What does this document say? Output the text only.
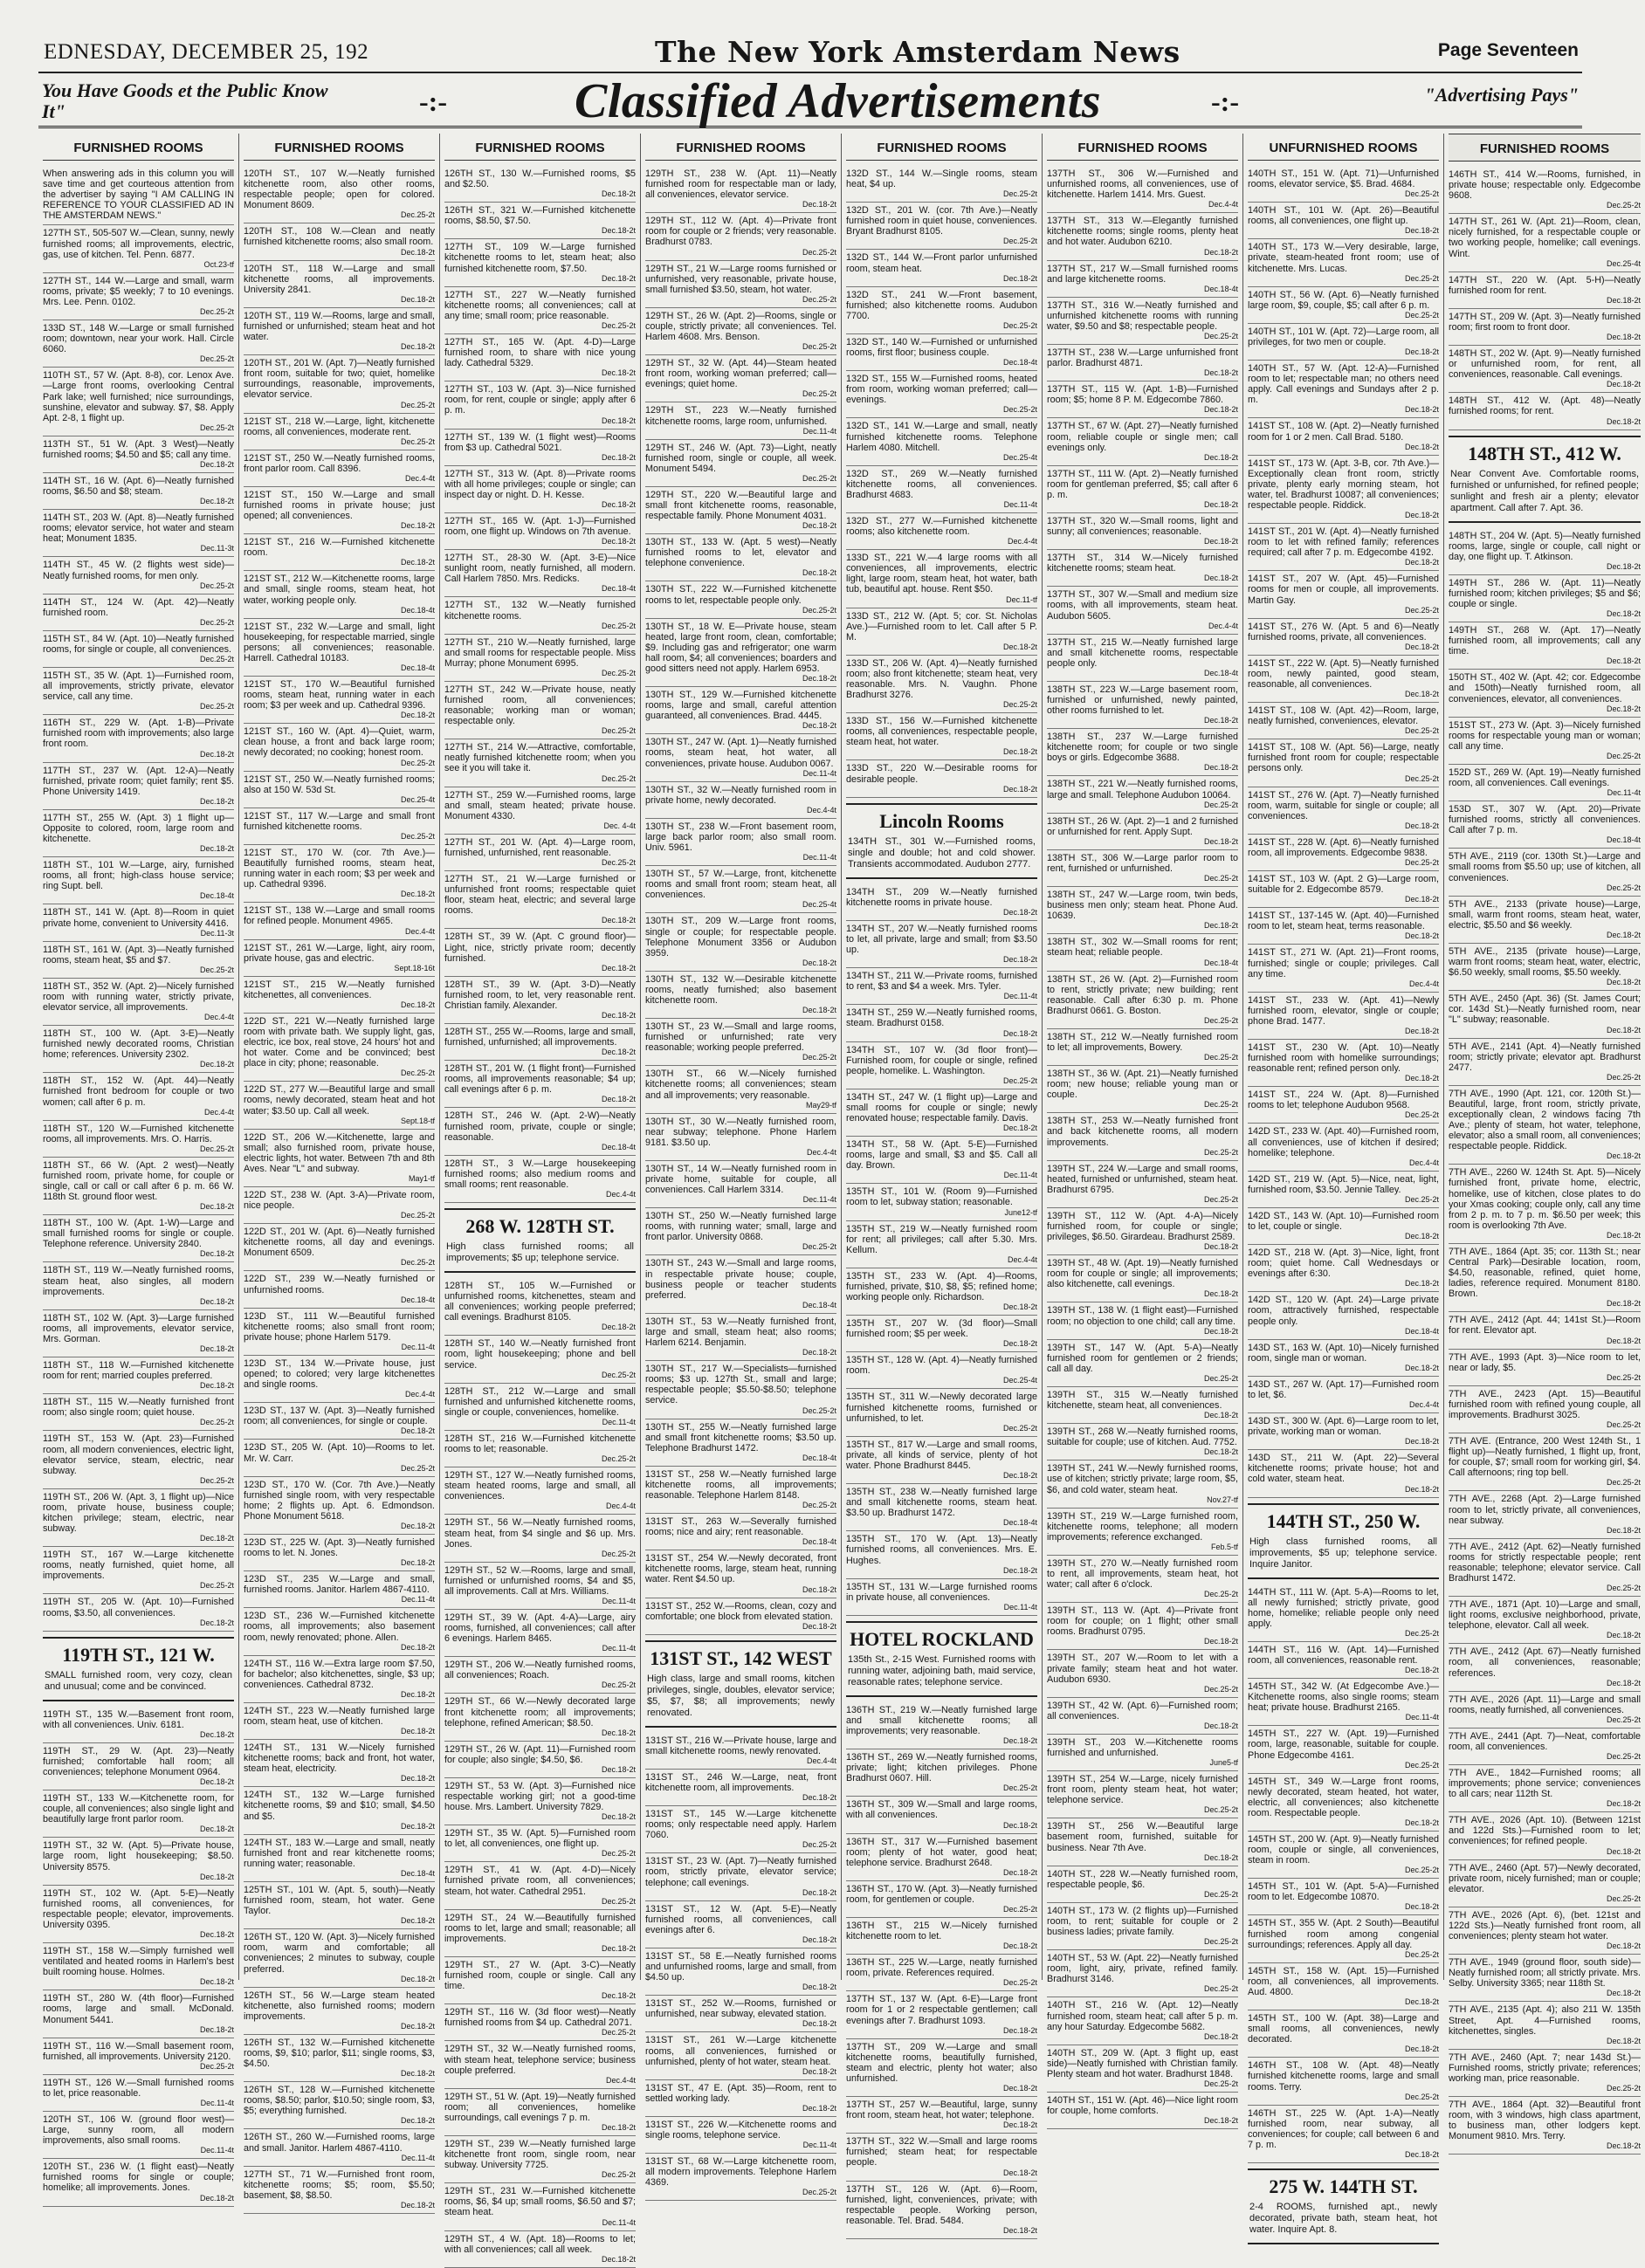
EDNESDAY, DECEMBER 25, 192	The New York Amsterdam News	Page Seventeen
You Have Goods et the Public Know It"	-:-	Classified Advertisements	-:-	"Advertising Pays"
FURNISHED ROOMS

When answering ads in this column you will save time and get courteous attention from the advertiser by saying "I AM CALLING IN REFERENCE TO YOUR CLASSIFIED AD IN THE AMSTERDAM NEWS."

127TH ST., 505-507 W.—Clean, sunny, newly furnished rooms; all improvements, electric, gas, use of kitchen. Tel. Penn. 6877.
Oct.23-tf

127TH ST., 144 W.—Large and small, warm rooms, private; $5 weekly; 7 to 10 evenings. Mrs. Lee. Penn. 0102.
Dec.25-2t

133D ST., 148 W.—Large or small furnished room; downtown, near your work. Hall. Circle 6060.
Dec.25-2t

110TH ST., 57 W. (Apt. 8-8), cor. Lenox Ave.—Large front rooms, overlooking Central Park lake; well furnished; nice surroundings, sunshine, elevator and subway. $7, $8. Apply Apt. 2-8, 1 flight up.
Dec.25-2t

113TH ST., 51 W. (Apt. 3 West)—Neatly furnished rooms; $4.50 and $5; call any time.
Dec.18-2t

114TH ST., 16 W. (Apt. 6)—Neatly furnished rooms, $6.50 and $8; steam.
Dec.18-2t

114TH ST., 203 W. (Apt. 8)—Neatly furnished rooms; elevator service, hot water and steam heat; Monument 1835.
Dec.11-3t

114TH ST., 45 W. (2 flights west side)—Neatly furnished rooms, for men only.
Dec.25-2t

114TH ST., 124 W. (Apt. 42)—Neatly furnished room.
Dec.25-2t

115TH ST., 84 W. (Apt. 10)—Neatly furnished rooms, for single or couple, all conveniences.
Dec.25-2t

115TH ST., 35 W. (Apt. 1)—Furnished room, all improvements, strictly private, elevator service, call any time.
Dec.25-2t

116TH ST., 229 W. (Apt. 1-B)—Private furnished room with improvements; also large front room.
Dec.18-2t

117TH ST., 237 W. (Apt. 12-A)—Neatly furnished, private room; quiet family; rent $5. Phone University 1419.
Dec.18-2t

117TH ST., 255 W. (Apt. 3) 1 flight up—Opposite to colored, room, large room and kitchenette.
Dec.18-2t

118TH ST., 101 W.—Large, airy, furnished rooms, all front; high-class house service; ring Supt. bell.
Dec.18-4t

118TH ST., 141 W. (Apt. 8)—Room in quiet private home, convenient to University 4416.
Dec.11-3t

118TH ST., 161 W. (Apt. 3)—Neatly furnished rooms, steam heat, $5 and $7.
Dec.25-2t

118TH ST., 352 W. (Apt. 2)—Nicely furnished room with running water, strictly private, elevator service, all improvements.
Dec.4-4t

118TH ST., 100 W. (Apt. 3-E)—Neatly furnished newly decorated rooms, Christian home; references. University 2302.
Dec.18-2t

118TH ST., 152 W. (Apt. 44)—Neatly furnished front bedroom for couple or two women; call after 6 p. m.
Dec.4-4t

118TH ST., 120 W.—Furnished kitchenette rooms, all improvements. Mrs. O. Harris.
Dec.25-2t

118TH ST., 66 W. (Apt. 2 west)—Neatly furnished room, private home, for couple or single, call or call or call after 6 p. m. 66 W. 118th St. ground floor west.
Dec.18-2t

118TH ST., 100 W. (Apt. 1-W)—Large and small furnished rooms for single or couple. Telephone reference. University 2840.
Dec.18-2t

118TH ST., 119 W.—Neatly furnished rooms, steam heat, also singles, all modern improvements.
Dec.18-2t

118TH ST., 102 W. (Apt. 3)—Large furnished rooms, all improvements, elevator service, Mrs. Gorman.
Dec.18-2t

118TH ST., 118 W.—Furnished kitchenette room for rent; married couples preferred.
Dec.18-2t

118TH ST., 115 W.—Neatly furnished front room; also single room; quiet house.
Dec.25-2t

119TH ST., 153 W. (Apt. 23)—Furnished room, all modern conveniences, electric light, elevator service, steam, electric, near subway.
Dec.25-2t

119TH ST., 206 W. (Apt. 3, 1 flight up)—Nice room, private house, business couple; kitchen privilege; steam, electric, near subway.
Dec.18-2t

119TH ST., 167 W.—Large kitchenette rooms, neatly furnished, quiet home, all improvements.
Dec.25-2t

119TH ST., 205 W. (Apt. 10)—Furnished rooms, $3.50, all conveniences.
Dec.18-2t

119TH ST., 121 W.
SMALL furnished room, very cozy, clean and unusual; come and be convinced.

119TH ST., 135 W.—Basement front room, with all conveniences. Univ. 6181.
Dec.18-2t

119TH ST., 29 W. (Apt. 23)—Neatly furnished; comfortable hall room; all conveniences; telephone Monument 0964.
Dec.18-2t

119TH ST., 133 W.—Kitchenette room, for couple, all conveniences; also single light and beautifully large front parlor room.
Dec.18-2t

119TH ST., 32 W. (Apt. 5)—Private house, large room, light housekeeping; $8.50. University 8575.
Dec.18-2t

119TH ST., 102 W. (Apt. 5-E)—Neatly furnished rooms, all conveniences, for respectable people; elevator, improvements. University 0395.
Dec.18-2t

119TH ST., 158 W.—Simply furnished well ventilated and heated rooms in Harlem's best built rooming house. Holmes.
Dec.18-2t

119TH ST., 280 W. (4th floor)—Furnished rooms, large and small. McDonald. Monument 5441.
Dec.18-2t

119TH ST., 116 W.—Small basement room, furnished, all improvements. University 2120.
Dec.25-2t

119TH ST., 126 W.—Small furnished rooms to let, price reasonable.
Dec.11-4t

120TH ST., 106 W. (ground floor west)—Large, sunny room, all modern improvements, also small rooms.
Dec.11-4t

120TH ST., 236 W. (1 flight east)—Neatly furnished rooms for single or couple; homelike; all improvements. Jones.
Dec.18-2t

FURNISHED ROOMS

120TH ST., 107 W.—Neatly furnished kitchenette room, also other rooms, respectable people; open for colored. Monument 8609.
Dec.25-2t

120TH ST., 108 W.—Clean and neatly furnished kitchenette rooms; also small room.
Dec.18-2t

120TH ST., 118 W.—Large and small kitchenette rooms, all improvements. University 2841.
Dec.18-2t

120TH ST., 119 W.—Rooms, large and small, furnished or unfurnished; steam heat and hot water.
Dec.18-2t

120TH ST., 201 W. (Apt. 7)—Neatly furnished front room, suitable for two; quiet, homelike surroundings, reasonable, improvements, elevator service.
Dec.25-2t

121ST ST., 218 W.—Large, light, kitchenette rooms, all conveniences, moderate rent.
Dec.25-2t

121ST ST., 250 W.—Neatly furnished rooms, front parlor room. Call 8396.
Dec.4-4t

121ST ST., 150 W.—Large and small furnished rooms in private house; just opened; all conveniences.
Dec.18-2t

121ST ST., 216 W.—Furnished kitchenette room.
Dec.18-2t

121ST ST., 212 W.—Kitchenette rooms, large and small, single rooms, steam heat, hot water, working people only.
Dec.18-4t

121ST ST., 232 W.—Large and small, light housekeeping, for respectable married, single persons; all conveniences; reasonable. Harrell. Cathedral 10183.
Dec.18-4t

121ST ST., 170 W.—Beautiful furnished rooms, steam heat, running water in each room; $3 per week and up. Cathedral 9396.
Dec.18-2t

121ST ST., 160 W. (Apt. 4)—Quiet, warm, clean house, a front and back large room; newly decorated; no cooking; honest room.
Dec.25-2t

121ST ST., 250 W.—Neatly furnished rooms; also at 150 W. 53d St.
Dec.25-4t

121ST ST., 117 W.—Large and small front furnished kitchenette rooms.
Dec.25-2t

121ST ST., 170 W. (cor. 7th Ave.)—Beautifully furnished rooms, steam heat, running water in each room; $3 per week and up. Cathedral 9396.
Dec.18-2t

121ST ST., 138 W.—Large and small rooms for refined people. Monument 4965.
Dec.4-4t

121ST ST., 261 W.—Large, light, airy room, private house, gas and electric.
Sept.18-16t

121ST ST., 215 W.—Neatly furnished kitchenettes, all conveniences.
Dec.18-2t

122D ST., 221 W.—Neatly furnished large room with private bath. We supply light, gas, electric, ice box, real stove, 24 hours' hot and hot water. Come and be convinced; best place in city; phone; reasonable.
Dec.25-2t

122D ST., 277 W.—Beautiful large and small rooms, newly decorated, steam heat and hot water; $3.50 up. Call all week.
Sept.18-tf

122D ST., 206 W.—Kitchenette, large and small; also furnished room, private house, electric lights, hot water. Between 7th and 8th Aves. Near "L" and subway.
May1-tf

122D ST., 238 W. (Apt. 3-A)—Private room, nice people.
Dec.25-2t

122D ST., 201 W. (Apt. 6)—Neatly furnished kitchenette rooms, all day and evenings. Monument 6509.
Dec.25-2t

122D ST., 239 W.—Neatly furnished or unfurnished rooms.
Dec.18-4t

123D ST., 111 W.—Beautiful furnished kitchenette rooms; also small front room; private house; phone Harlem 5179.
Dec.11-4t

123D ST., 134 W.—Private house, just opened; to colored; very large kitchenettes and single rooms.
Dec.4-4t

123D ST., 137 W. (Apt. 3)—Neatly furnished room; all conveniences, for single or couple.
Dec.18-2t

123D ST., 205 W. (Apt. 10)—Rooms to let. Mr. W. Carr.
Dec.25-2t

123D ST., 170 W. (Cor. 7th Ave.)—Neatly furnished single room, with very respectable home; 2 flights up. Apt. 6. Edmondson. Phone Monument 5618.
Dec.18-2t

123D ST., 225 W. (Apt. 3)—Neatly furnished rooms to let. N. Jones.
Dec.18-2t

123D ST., 235 W.—Large and small, furnished rooms. Janitor. Harlem 4867-4110.
Dec.11-4t

123D ST., 236 W.—Furnished kitchenette rooms, all improvements; also basement room, newly renovated; phone. Allen.
Dec.18-2t

124TH ST., 116 W.—Extra large room $7.50, for bachelor; also kitchenettes, single, $3 up; conveniences. Cathedral 8732.
Dec.18-2t

124TH ST., 223 W.—Neatly furnished large room, steam heat, use of kitchen.
Dec.18-2t

124TH ST., 131 W.—Nicely furnished kitchenette rooms; back and front, hot water, steam heat, electricity.
Dec.18-2t

124TH ST., 132 W.—Large furnished kitchenette rooms, $9 and $10; small, $4.50 and $5.
Dec.18-2t

124TH ST., 183 W.—Large and small, neatly furnished front and rear kitchenette rooms; running water; reasonable.
Dec.18-4t

125TH ST., 101 W. (Apt. 5, south)—Neatly furnished room, steam, hot water. Gene Taylor.
Dec.18-2t

126TH ST., 120 W. (Apt. 3)—Nicely furnished room, warm and comfortable; all conveniences; 2 minutes to subway, couple preferred.
Dec.18-2t

126TH ST., 56 W.—Large steam heated kitchenette, also furnished rooms; modern improvements.
Dec.18-2t

126TH ST., 132 W.—Furnished kitchenette rooms, $9, $10; parlor, $11; single rooms, $3, $4.50.
Dec.18-2t

126TH ST., 128 W.—Furnished kitchenette rooms, $8.50; parlor, $10.50; single room, $3, $5; everything furnished.
Dec.18-2t

126TH ST., 260 W.—Furnished rooms, large and small. Janitor. Harlem 4867-4110.
Dec.11-4t

127TH ST., 71 W.—Furnished front room, kitchenette rooms; $5; room, $5.50; basement, $8, $8.50.
Dec.18-2t

FURNISHED ROOMS

126TH ST., 130 W.—Furnished rooms, $5 and $2.50.
Dec.18-2t

126TH ST., 321 W.—Furnished kitchenette rooms, $8.50, $7.50.
Dec.18-2t

127TH ST., 109 W.—Large furnished kitchenette rooms to let, steam heat; also furnished kitchenette room, $7.50.
Dec.18-2t

127TH ST., 227 W.—Neatly furnished kitchenette rooms; all conveniences; call at any time; small room; price reasonable.
Dec.25-2t

127TH ST., 165 W. (Apt. 4-D)—Large furnished room, to share with nice young lady. Cathedral 5329.
Dec.18-2t

127TH ST., 103 W. (Apt. 3)—Nice furnished room, for rent, couple or single; apply after 6 p. m.
Dec.18-2t

127TH ST., 139 W. (1 flight west)—Rooms from $3 up. Cathedral 5021.
Dec.18-2t

127TH ST., 313 W. (Apt. 8)—Private rooms with all home privileges; couple or single; can inspect day or night. D. H. Kesse.
Dec.18-2t

127TH ST., 165 W. (Apt. 1-J)—Furnished room, one flight up. Windows on 7th avenue.
Dec.18-2t

127TH ST., 28-30 W. (Apt. 3-E)—Nice sunlight room, neatly furnished, all modern. Call Harlem 7850. Mrs. Redicks.
Dec.18-4t

127TH ST., 132 W.—Neatly furnished kitchenette rooms.
Dec.25-2t

127TH ST., 210 W.—Neatly furnished, large and small rooms for respectable people. Miss Murray; phone Monument 6995.
Dec.25-2t

127TH ST., 242 W.—Private house, neatly furnished room, all conveniences; reasonable; working man or woman; respectable only.
Dec.25-2t

127TH ST., 214 W.—Attractive, comfortable, neatly furnished kitchenette room; when you see it you will take it.
Dec.25-2t

127TH ST., 259 W.—Furnished rooms, large and small, steam heated; private house. Monument 4330.
Dec. 4-4t

127TH ST., 201 W. (Apt. 4)—Large room, furnished, unfurnished, rent reasonable.
Dec.25-2t

127TH ST., 21 W.—Large furnished or unfurnished front rooms; respectable quiet floor, steam heat, electric; and several large rooms.
Dec.18-2t

128TH ST., 39 W. (Apt. C ground floor)—Light, nice, strictly private room; decently furnished.
Dec.18-2t

128TH ST., 39 W. (Apt. 3-D)—Neatly furnished room, to let, very reasonable rent. Christian family. Alexander.
Dec.18-2t

128TH ST., 255 W.—Rooms, large and small, furnished, unfurnished; all improvements.
Dec.18-2t

128TH ST., 201 W. (1 flight front)—Furnished rooms, all improvements reasonable; $4 up; call evenings after 6 p. m.
Dec.18-2t

128TH ST., 246 W. (Apt. 2-W)—Neatly furnished room, private, couple or single; reasonable.
Dec.18-4t

128TH ST., 3 W.—Large housekeeping furnished rooms; also medium rooms and small rooms; rent reasonable.
Dec.4-4t

268 W. 128TH ST.
High class furnished rooms; all improvements; $5 up; telephone service.

128TH ST., 105 W.—Furnished or unfurnished rooms, kitchenettes, steam and all conveniences; working people preferred; call evenings. Bradhurst 8105.
Dec.18-2t

128TH ST., 140 W.—Neatly furnished front room, light housekeeping; phone and bell service.
Dec.25-2t

128TH ST., 212 W.—Large and small furnished and unfurnished kitchenette rooms, single or couple, conveniences, homelike.
Dec.11-4t

128TH ST., 216 W.—Furnished kitchenette rooms to let; reasonable.
Dec.25-2t

129TH ST., 127 W.—Neatly furnished rooms, steam heated rooms, large and small, all conveniences.
Dec.4-4t

129TH ST., 56 W.—Neatly furnished rooms, steam heat, from $4 single and $6 up. Mrs. Jones.
Dec.25-2t

129TH ST., 52 W.—Rooms, large and small, furnished or unfurnished rooms, $4 and $5, all improvements. Call at Mrs. Williams.
Dec.11-4t

129TH ST., 39 W. (Apt. 4-A)—Large, airy rooms, furnished, all conveniences; call after 6 evenings. Harlem 8465.
Dec.11-4t

129TH ST., 206 W.—Neatly furnished rooms, all conveniences; Roach.
Dec.25-2t

129TH ST., 66 W.—Newly decorated large front kitchenette room; all improvements; telephone, refined American; $8.50.
Dec.18-2t

129TH ST., 26 W. (Apt. 11)—Furnished room for couple; also single; $4.50, $6.
Dec.18-2t

129TH ST., 53 W. (Apt. 3)—Furnished nice respectable working girl; not a good-time house. Mrs. Lambert. University 7829.
Dec.18-2t

129TH ST., 35 W. (Apt. 5)—Furnished room to let, all conveniences, one flight up.
Dec.25-2t

129TH ST., 41 W. (Apt. 4-D)—Nicely furnished private room, all conveniences; steam, hot water. Cathedral 2951.
Dec.25-2t

129TH ST., 24 W.—Beautifully furnished rooms to let, large and small; reasonable; all improvements.
Dec.18-2t

129TH ST., 27 W. (Apt. 3-C)—Neatly furnished room, couple or single. Call any time.
Dec.18-2t

129TH ST., 116 W. (3d floor west)—Neatly furnished rooms from $4 up. Cathedral 2071.
Dec.25-2t

129TH ST., 32 W.—Neatly furnished rooms, with steam heat, telephone service; business couple preferred.
Dec.4-4t

129TH ST., 51 W. (Apt. 19)—Neatly furnished room; all conveniences, homelike surroundings, call evenings 7 p. m.
Dec.18-2t

129TH ST., 239 W.—Neatly furnished large kitchenette front room, single room, near subway. University 7725.
Dec.25-2t

129TH ST., 231 W.—Furnished kitchenette rooms, $6, $4 up; small rooms, $6.50 and $7; steam heat.
Dec.11-4t

129TH ST., 4 W. (Apt. 18)—Rooms to let; with all conveniences; call all week.
Dec.18-2t

FURNISHED ROOMS

129TH ST., 238 W. (Apt. 11)—Neatly furnished room for respectable man or lady, all conveniences, elevator service.
Dec.18-2t

129TH ST., 112 W. (Apt. 4)—Private front room for couple or 2 friends; very reasonable. Bradhurst 0783.
Dec.25-2t

129TH ST., 21 W.—Large rooms furnished or unfurnished, very reasonable, private house, small furnished $3.50, steam, hot water.
Dec.25-2t

129TH ST., 26 W. (Apt. 2)—Rooms, single or couple, strictly private; all conveniences. Tel. Harlem 4608. Mrs. Benson.
Dec.25-2t

129TH ST., 32 W. (Apt. 44)—Steam heated front room, working woman preferred; call—evenings; quiet home.
Dec.25-2t

129TH ST., 223 W.—Neatly furnished kitchenette rooms, large room, unfurnished.
Dec.11-4t

129TH ST., 246 W. (Apt. 73)—Light, neatly furnished room, single or couple, all week. Monument 5494.
Dec.25-2t

129TH ST., 220 W.—Beautiful large and small front kitchenette rooms, reasonable, respectable family. Phone Monument 4031.
Dec.18-2t

130TH ST., 133 W. (Apt. 5 west)—Neatly furnished rooms to let, elevator and telephone convenience.
Dec.18-2t

130TH ST., 222 W.—Furnished kitchenette rooms to let, respectable people only.
Dec.25-2t

130TH ST., 18 W. E—Private house, steam heated, large front room, clean, comfortable; $9. Including gas and refrigerator; one warm hall room, $4; all conveniences; boarders and good sitters need not apply. Harlem 6953.
Dec.18-2t

130TH ST., 129 W.—Furnished kitchenette rooms, large and small, careful attention guaranteed, all conveniences. Brad. 4445.
Dec.18-2t

130TH ST., 247 W. (Apt. 1)—Neatly furnished rooms, steam heat, hot water, all conveniences, private house. Audubon 0067.
Dec.11-4t

130TH ST., 32 W.—Neatly furnished room in private home, newly decorated.
Dec.4-4t

130TH ST., 238 W.—Front basement room, large back parlor room; also small room. Univ. 5961.
Dec.11-4t

130TH ST., 57 W.—Large, front, kitchenette rooms and small front room; steam heat, all conveniences.
Dec.25-4t

130TH ST., 209 W.—Large front rooms, single or couple; for respectable people. Telephone Monument 3356 or Audubon 3959.
Dec.18-2t

130TH ST., 132 W.—Desirable kitchenette rooms, neatly furnished; also basement kitchenette room.
Dec.18-2t

130TH ST., 23 W.—Small and large rooms, furnished or unfurnished; rate very reasonable; working people preferred.
Dec.25-2t

130TH ST., 66 W.—Nicely furnished kitchenette rooms; all conveniences; steam and all improvements; very reasonable.
May29-tf

130TH ST., 30 W.—Neatly furnished room, near subway; telephone. Phone Harlem 9181. $3.50 up.
Dec.4-4t

130TH ST., 14 W.—Neatly furnished room in private home, suitable for couple, all conveniences. Call Harlem 3314.
Dec.11-4t

130TH ST., 250 W.—Neatly furnished large rooms, with running water; small, large and front parlor. University 0868.
Dec.25-2t

130TH ST., 243 W.—Small and large rooms, in respectable private house; couple, business people or teacher students preferred.
Dec.18-4t

130TH ST., 53 W.—Neatly furnished front, large and small, steam heat; also rooms; Harlem 6214. Benjamin.
Dec.18-2t

130TH ST., 217 W.—Specialists—furnished rooms; $3 up. 127th St., small and large; respectable people; $5.50-$8.50; telephone service.
Dec.25-2t

130TH ST., 255 W.—Neatly furnished large and small front kitchenette rooms; $3.50 up. Telephone Bradhurst 1472.
Dec.18-4t

131ST ST., 258 W.—Neatly furnished large kitchenette rooms, all improvements; reasonable. Telephone Harlem 8148.
Dec.25-2t

131ST ST., 263 W.—Severally furnished rooms; nice and airy; rent reasonable.
Dec.18-4t

131ST ST., 254 W.—Newly decorated, front kitchenette rooms, large, steam heat, running water. Rent $4.50 up.
Dec.18-2t

131ST ST., 252 W.—Rooms, clean, cozy and comfortable; one block from elevated station.
Dec.18-2t

131ST ST., 142 WEST
High class, large and small rooms, kitchen privileges, single, doubles, elevator service; $5, $7, $8; all improvements; newly renovated.

131ST ST., 216 W.—Private house, large and small kitchenette rooms, newly renovated.
Dec.4-4t

131ST ST., 246 W.—Large, neat, front kitchenette room, all improvements.
Dec.18-2t

131ST ST., 145 W.—Large kitchenette rooms; only respectable need apply. Harlem 7060.
Dec.25-2t

131ST ST., 23 W. (Apt. 7)—Neatly furnished room, strictly private, elevator service; telephone; call evenings.
Dec.18-2t

131ST ST., 12 W. (Apt. 5-E)—Neatly furnished rooms, all conveniences, call evenings after 6.
Dec.18-2t

131ST ST., 58 E.—Neatly furnished rooms and unfurnished rooms, large and small, from $4.50 up.
Dec.18-2t

131ST ST., 252 W.—Rooms, furnished or unfurnished, near subway, elevated station.
Dec.18-2t

131ST ST., 261 W.—Large kitchenette rooms, all conveniences, furnished or unfurnished, plenty of hot water, steam heat.
Dec.18-2t

131ST ST., 47 E. (Apt. 35)—Room, rent to settled working lady.
Dec.18-2t

131ST ST., 226 W.—Kitchenette rooms and single rooms, telephone service.
Dec.11-4t

131ST ST., 68 W.—Large kitchenette room, all modern improvements. Telephone Harlem 4369.
Dec.25-2t

FURNISHED ROOMS

132D ST., 144 W.—Single rooms, steam heat, $4 up.
Dec.25-2t

132D ST., 201 W. (cor. 7th Ave.)—Neatly furnished room in quiet house, conveniences. Bryant Bradhurst 8105.
Dec.25-2t

132D ST., 144 W.—Front parlor unfurnished room, steam heat.
Dec.18-2t

132D ST., 241 W.—Front basement, furnished; also kitchenette rooms. Audubon 7700.
Dec.25-2t

132D ST., 140 W.—Furnished or unfurnished rooms, first floor; business couple.
Dec.18-4t

132D ST., 155 W.—Furnished rooms, heated from room, working woman preferred; call—evenings.
Dec.25-2t

132D ST., 141 W.—Large and small, neatly furnished kitchenette rooms. Telephone Harlem 4080. Mitchell.
Dec.25-4t

132D ST., 269 W.—Neatly furnished kitchenette rooms, all conveniences. Bradhurst 4683.
Dec.11-4t

132D ST., 277 W.—Furnished kitchenette rooms; also kitchenette room.
Dec.4-4t

133D ST., 221 W.—4 large rooms with all conveniences, all improvements, electric light, large room, steam heat, hot water, bath tub, beautiful apt. house. Rent $50.
Dec.11-tf

133D ST., 212 W. (Apt. 5; cor. St. Nicholas Ave.)—Furnished room to let. Call after 5 P. M.
Dec.18-2t

133D ST., 206 W. (Apt. 4)—Neatly furnished room; also front kitchenette; steam heat, very reasonable. Mrs. N. Vaughn. Phone Bradhurst 3276.
Dec.25-2t

133D ST., 156 W.—Furnished kitchenette rooms, all conveniences, respectable people, steam heat, hot water.
Dec.18-2t

133D ST., 220 W.—Desirable rooms for desirable people.
Dec.18-2t

Lincoln Rooms
134TH ST., 301 W.—Furnished rooms, single and double; hot and cold shower. Transients accommodated. Audubon 2777.

134TH ST., 209 W.—Neatly furnished kitchenette rooms in private house.
Dec.18-2t

134TH ST., 207 W.—Neatly furnished rooms to let, all private, large and small; from $3.50 up.
Dec.18-2t

134TH ST., 211 W.—Private rooms, furnished to rent, $3 and $4 a week. Mrs. Tyler.
Dec.11-4t

134TH ST., 259 W.—Neatly furnished rooms, steam. Bradhurst 0158.
Dec.18-2t

134TH ST., 107 W. (3d floor front)—Furnished room, for couple or single, refined people, homelike. L. Washington.
Dec.25-2t

134TH ST., 247 W. (1 flight up)—Large and small rooms for couple or single; newly renovated house; respectable family. Davis.
Dec.18-2t

134TH ST., 58 W. (Apt. 5-E)—Furnished rooms, large and small, $3 and $5. Call all day. Brown.
Dec.11-4t

135TH ST., 101 W. (Room 9)—Furnished room to let, subway station; reasonable.
June12-tf

135TH ST., 219 W.—Neatly furnished room for rent; all privileges; call after 5.30. Mrs. Kellum.
Dec.4-4t

135TH ST., 233 W. (Apt. 4)—Rooms, furnished, private, $10, $8, $5; refined home; working people only. Richardson.
Dec.18-2t

135TH ST., 207 W. (3d floor)—Small furnished room; $5 per week.
Dec.18-2t

135TH ST., 128 W. (Apt. 4)—Neatly furnished room.
Dec.25-4t

135TH ST., 311 W.—Newly decorated large furnished kitchenette rooms, furnished or unfurnished, to let.
Dec.25-2t

135TH ST., 817 W.—Large and small rooms, private, all kinds of service, plenty of hot water. Phone Bradhurst 8445.
Dec.18-2t

135TH ST., 238 W.—Neatly furnished large and small kitchenette rooms, steam heat. $3.50 up. Bradhurst 1472.
Dec.18-4t

135TH ST., 170 W. (Apt. 13)—Neatly furnished rooms, all conveniences. Mrs. E. Hughes.
Dec.18-2t

135TH ST., 131 W.—Large furnished rooms in private house, all conveniences.
Dec.11-4t

HOTEL ROCKLAND
135th St., 2-15 West. Furnished rooms with running water, adjoining bath, maid service, reasonable rates; telephone service.

136TH ST., 219 W.—Neatly furnished large and small kitchenette rooms; all improvements; very reasonable.
Dec.18-2t

136TH ST., 269 W.—Neatly furnished rooms, private; light; kitchen privileges. Phone Bradhurst 0607. Hill.
Dec.25-2t

136TH ST., 309 W.—Small and large rooms, with all conveniences.
Dec.18-2t

136TH ST., 317 W.—Furnished basement room; plenty of hot water, good heat; telephone service. Bradhurst 2648.
Dec.18-2t

136TH ST., 170 W. (Apt. 3)—Neatly furnished room, for gentlemen or couple.
Dec.25-2t

136TH ST., 215 W.—Nicely furnished kitchenette room to let.
Dec.18-2t

136TH ST., 225 W.—Large, neatly furnished room, private. References required.
Dec.25-2t

137TH ST., 137 W. (Apt. 6-E)—Large front room for 1 or 2 respectable gentlemen; call evenings after 7. Bradhurst 1093.
Dec.18-2t

137TH ST., 209 W.—Large and small kitchenette rooms, beautifully furnished, steam and electric, plenty hot water; also unfurnished.
Dec.18-2t

137TH ST., 257 W.—Beautiful, large, sunny front room, steam heat, hot water; telephone.
Dec.18-2t

137TH ST., 322 W.—Small and large rooms furnished; steam heat; for respectable people.
Dec.18-2t

137TH ST., 126 W. (Apt. 6)—Room, furnished, light, conveniences, private; with respectable people. Working person, reasonable. Tel. Brad. 5484.
Dec.18-2t

FURNISHED ROOMS

137TH ST., 306 W.—Furnished and unfurnished rooms, all conveniences, use of kitchenette. Harlem 1414. Mrs. Guest.
Dec.4-4t

137TH ST., 313 W.—Elegantly furnished kitchenette rooms; single rooms, plenty heat and hot water. Audubon 6210.
Dec.18-2t

137TH ST., 217 W.—Small furnished rooms and large kitchenette rooms.
Dec.18-4t

137TH ST., 316 W.—Neatly furnished and unfurnished kitchenette rooms with running water, $9.50 and $8; respectable people.
Dec.25-2t

137TH ST., 238 W.—Large unfurnished front parlor. Bradhurst 4871.
Dec.18-2t

137TH ST., 115 W. (Apt. 1-B)—Furnished room; $5; home 8 P. M. Edgecombe 7860.
Dec.18-2t

137TH ST., 67 W. (Apt. 27)—Neatly furnished room, reliable couple or single men; call evenings only.
Dec.18-2t

137TH ST., 111 W. (Apt. 2)—Neatly furnished room for gentleman preferred, $5; call after 6 p. m.
Dec.18-2t

137TH ST., 320 W.—Small rooms, light and sunny; all conveniences; reasonable.
Dec.18-2t

137TH ST., 314 W.—Nicely furnished kitchenette rooms; steam heat.
Dec.18-2t

137TH ST., 307 W.—Small and medium size rooms, with all improvements, steam heat. Audubon 5605.
Dec.4-4t

137TH ST., 215 W.—Neatly furnished large and small kitchenette rooms, respectable people only.
Dec.18-4t

138TH ST., 223 W.—Large basement room, furnished or unfurnished, newly painted, other rooms furnished to let.
Dec.18-2t

138TH ST., 237 W.—Large furnished kitchenette room; for couple or two single boys or girls. Edgecombe 3688.
Dec.18-2t

138TH ST., 221 W.—Neatly furnished rooms, large and small. Telephone Audubon 10064.
Dec.25-2t

138TH ST., 26 W. (Apt. 2)—1 and 2 furnished or unfurnished for rent. Apply Supt.
Dec.18-2t

138TH ST., 306 W.—Large parlor room to rent, furnished or unfurnished.
Dec.25-2t

138TH ST., 247 W.—Large room, twin beds, business men only; steam heat. Phone Aud. 10639.
Dec.18-2t

138TH ST., 302 W.—Small rooms for rent; steam heat; reliable people.
Dec.18-4t

138TH ST., 26 W. (Apt. 2)—Furnished room to rent, strictly private; new building; rent reasonable. Call after 6:30 p. m. Phone Bradhurst 0661. G. Boston.
Dec.25-2t

138TH ST., 212 W.—Neatly furnished room to let; all improvements, Bowery.
Dec.25-2t

138TH ST., 36 W. (Apt. 21)—Neatly furnished room; new house; reliable young man or couple.
Dec.25-2t

138TH ST., 253 W.—Neatly furnished front and back kitchenette rooms, all modern improvements.
Dec.25-2t

139TH ST., 224 W.—Large and small rooms, heated, furnished or unfurnished, steam heat. Bradhurst 6795.
Dec.25-2t

139TH ST., 112 W. (Apt. 4-A)—Nicely furnished room, for couple or single; privileges, $6.50. Girardeau. Bradhurst 2589.
Dec.18-2t

139TH ST., 48 W. (Apt. 19)—Neatly furnished room for couple or single; all improvements; also kitchenette, call evenings.
Dec.18-2t

139TH ST., 138 W. (1 flight east)—Furnished room; no objection to one child; call any time.
Dec.18-2t

139TH ST., 147 W. (Apt. 5-A)—Neatly furnished room for gentlemen or 2 friends; call all day.
Dec.25-2t

139TH ST., 315 W.—Neatly furnished kitchenette, steam heat, all conveniences.
Dec.18-2t

139TH ST., 268 W.—Neatly furnished rooms, suitable for couple; use of kitchen. Aud. 7752.
Dec.18-2t

139TH ST., 241 W.—Newly furnished rooms, use of kitchen; strictly private; large room, $5, $6, and cold water, steam heat.
Nov.27-tf

139TH ST., 219 W.—Large furnished room, kitchenette rooms, telephone; all modern improvements; reference exchanged.
Feb.5-tf

139TH ST., 270 W.—Neatly furnished room to rent, all improvements, steam heat, hot water; call after 6 o'clock.
Dec.25-2t

139TH ST., 113 W. (Apt. 4)—Private front room for couple; on 1 flight; other small rooms. Bradhurst 0795.
Dec.18-2t

139TH ST., 207 W.—Room to let with a private family; steam heat and hot water. Audubon 6930.
Dec.25-2t

139TH ST., 42 W. (Apt. 6)—Furnished room; all conveniences.
Dec.18-2t

139TH ST., 203 W.—Kitchenette rooms furnished and unfurnished.
June5-tf

139TH ST., 254 W.—Large, nicely furnished front room, plenty steam heat, hot water; telephone service.
Dec.25-2t

139TH ST., 256 W.—Beautiful large basement room, furnished, suitable for business. Near 7th Ave.
Dec.18-2t

140TH ST., 228 W.—Neatly furnished room, respectable people, $6.
Dec.25-2t

140TH ST., 173 W. (2 flights up)—Furnished room, to rent; suitable for couple or 2 business ladies; private family.
Dec.25-2t

140TH ST., 53 W. (Apt. 22)—Neatly furnished room, light, airy, private, refined family. Bradhurst 3146.
Dec.25-2t

140TH ST., 216 W. (Apt. 12)—Neatly furnished room, steam heat; call after 5 p. m. any hour Saturday. Edgecombe 5682.
Dec.18-2t

140TH ST., 209 W. (Apt. 3 flight up, east side)—Neatly furnished with Christian family. Plenty steam and hot water. Bradhurst 1848.
Dec.25-2t

140TH ST., 151 W. (Apt. 46)—Nice light room for couple, home comforts.
Dec.18-2t

UNFURNISHED ROOMS

140TH ST., 151 W. (Apt. 71)—Unfurnished rooms, elevator service, $5. Brad. 4684.
Dec.25-2t

140TH ST., 101 W. (Apt. 26)—Beautiful rooms, all conveniences, one flight up.
Dec.18-2t

140TH ST., 173 W.—Very desirable, large, private, steam-heated front room; use of kitchenette. Mrs. Lucas.
Dec.25-2t

140TH ST., 56 W. (Apt. 6)—Neatly furnished large room, $9, couple, $5; call after 6 p. m.
Dec.25-2t

140TH ST., 101 W. (Apt. 72)—Large room, all privileges, for two men or couple.
Dec.18-2t

140TH ST., 57 W. (Apt. 12-A)—Furnished room to let; respectable man; no others need apply. Call evenings and Sundays after 2 p. m.
Dec.18-2t

141ST ST., 108 W. (Apt. 2)—Neatly furnished room for 1 or 2 men. Call Brad. 5180.
Dec.18-2t

141ST ST., 173 W. (Apt. 3-B, cor. 7th Ave.)—Exceptionally clean front room, strictly private, plenty early morning steam, hot water, tel. Bradhurst 10087; all conveniences; respectable people. Riddick.
Dec.18-2t

141ST ST., 201 W. (Apt. 4)—Neatly furnished room to let with refined family; references required; call after 7 p. m. Edgecombe 4192.
Dec.18-2t

141ST ST., 207 W. (Apt. 45)—Furnished rooms for men or couple, all improvements. Martin Gay.
Dec.25-2t

141ST ST., 276 W. (Apt. 5 and 6)—Neatly furnished rooms, private, all conveniences.
Dec.18-2t

141ST ST., 222 W. (Apt. 5)—Neatly furnished room, newly painted, good steam, reasonable, all conveniences.
Dec.18-2t

141ST ST., 108 W. (Apt. 42)—Room, large, neatly furnished, conveniences, elevator.
Dec.25-2t

141ST ST., 108 W. (Apt. 56)—Large, neatly furnished front room for couple; respectable persons only.
Dec.25-2t

141ST ST., 276 W. (Apt. 7)—Neatly furnished room, warm, suitable for single or couple; all conveniences.
Dec.18-2t

141ST ST., 228 W. (Apt. 6)—Neatly furnished room, all improvements. Edgecombe 9838.
Dec.25-2t

141ST ST., 103 W. (Apt. 2 G)—Large room, suitable for 2. Edgecombe 8579.
Dec.18-2t

141ST ST., 137-145 W. (Apt. 40)—Furnished room to let, steam heat, terms reasonable.
Dec.18-2t

141ST ST., 271 W. (Apt. 21)—Front rooms, furnished; single or couple; privileges. Call any time.
Dec.4-4t

141ST ST., 233 W. (Apt. 41)—Newly furnished room, elevator, single or couple; phone Brad. 1477.
Dec.18-2t

141ST ST., 230 W. (Apt. 10)—Neatly furnished room with homelike surroundings; reasonable rent; refined person only.
Dec.18-2t

141ST ST., 224 W. (Apt. 8)—Furnished rooms to let; telephone Audubon 9568.
Dec.25-2t

142D ST., 233 W. (Apt. 40)—Furnished room, all conveniences, use of kitchen if desired; homelike; telephone.
Dec.4-4t

142D ST., 219 W. (Apt. 5)—Nice, neat, light, furnished room, $3.50. Jennie Talley.
Dec.25-2t

142D ST., 143 W. (Apt. 10)—Furnished room to let, couple or single.
Dec.18-2t

142D ST., 218 W. (Apt. 3)—Nice, light, front room; quiet home. Call Wednesdays or evenings after 6:30.
Dec.18-2t

142D ST., 120 W. (Apt. 24)—Large private room, attractively furnished, respectable people only.
Dec.18-4t

143D ST., 163 W. (Apt. 10)—Nicely furnished room, single man or woman.
Dec.18-2t

143D ST., 267 W. (Apt. 17)—Furnished room to let, $6.
Dec.4-4t

143D ST., 300 W. (Apt. 6)—Large room to let, private, working man or woman.
Dec.18-2t

143D ST., 211 W. (Apt. 22)—Several kitchenette rooms; private house; hot and cold water, steam heat.
Dec.18-2t

144TH ST., 250 W.
High class furnished rooms, all improvements, $5 up; telephone service. Inquire Janitor.

144TH ST., 111 W. (Apt. 5-A)—Rooms to let, all newly furnished; strictly private, good home, homelike; reliable people only need apply.
Dec.25-2t

144TH ST., 116 W. (Apt. 14)—Furnished room, all conveniences, reasonable rent.
Dec.18-2t

145TH ST., 342 W. (At Edgecombe Ave.)—Kitchenette rooms, also single rooms; steam heat; private house. Bradhurst 2165.
Dec.11-4t

145TH ST., 227 W. (Apt. 19)—Furnished room, large, reasonable, suitable for couple. Phone Edgecombe 4161.
Dec.25-2t

145TH ST., 349 W.—Large front rooms, newly decorated, steam heated, hot water, electric, all conveniences; also kitchenette room. Respectable people.
Dec.18-2t

145TH ST., 200 W. (Apt. 9)—Neatly furnished room, couple or single, all conveniences, steam in room.
Dec.25-2t

145TH ST., 101 W. (Apt. 5-A)—Furnished room to let. Edgecombe 10870.
Dec.18-2t

145TH ST., 355 W. (Apt. 2 South)—Beautiful furnished room among congenial surroundings; references. Apply all day.
Dec.25-2t

145TH ST., 158 W. (Apt. 15)—Furnished room, all conveniences, all improvements. Aud. 4800.
Dec.18-2t

145TH ST., 100 W. (Apt. 38)—Large and small rooms, all conveniences, newly decorated.
Dec.18-2t

146TH ST., 108 W. (Apt. 48)—Neatly furnished kitchenette rooms, large and small rooms. Terry.
Dec.25-2t

146TH ST., 225 W. (Apt. 1-A)—Neatly furnished room, near subway, all conveniences; for couple; call between 6 and 7 p. m.
Dec.18-2t

275 W. 144TH ST.
2-4 ROOMS, furnished apt., newly decorated, private bath, steam heat, hot water. Inquire Apt. 8.
FURNISHED ROOMS

146TH ST., 414 W.—Rooms, furnished, in private house; respectable only. Edgecombe 9608.
Dec.25-2t

147TH ST., 261 W. (Apt. 21)—Room, clean, nicely furnished, for a respectable couple or two working people, homelike; call evenings. Wint.
Dec.25-4t

147TH ST., 220 W. (Apt. 5-H)—Neatly furnished room for rent.
Dec.18-2t

147TH ST., 209 W. (Apt. 3)—Neatly furnished room; first room to front door.
Dec.18-2t

148TH ST., 202 W. (Apt. 9)—Neatly furnished or unfurnished room, for rent, all conveniences, reasonable. Call evenings.
Dec.18-2t

148TH ST., 412 W. (Apt. 48)—Neatly furnished rooms; for rent.
Dec.18-2t

148TH ST., 412 W.
Near Convent Ave. Comfortable rooms, furnished or unfurnished, for refined people; sunlight and fresh air a plenty; elevator apartment. Call after 7. Apt. 36.

148TH ST., 204 W. (Apt. 5)—Neatly furnished rooms, large, single or couple, call night or day, one flight up. T. Atkinson.
Dec.18-2t

149TH ST., 286 W. (Apt. 11)—Neatly furnished room; kitchen privileges; $5 and $6; couple or single.
Dec.18-2t

149TH ST., 268 W. (Apt. 17)—Neatly furnished room, all improvements; call any time.
Dec.18-2t

150TH ST., 402 W. (Apt. 42; cor. Edgecombe and 150th)—Neatly furnished room, all conveniences, elevator, all conveniences.
Dec.18-2t

151ST ST., 273 W. (Apt. 3)—Nicely furnished rooms for respectable young man or woman; call any time.
Dec.25-2t

152D ST., 269 W. (Apt. 19)—Neatly furnished room, all conveniences. Call evenings.
Dec.11-4t

153D ST., 307 W. (Apt. 20)—Private furnished rooms, strictly all conveniences. Call after 7 p. m.
Dec.18-4t

5TH AVE., 2119 (cor. 130th St.)—Large and small rooms from $5.50 up; use of kitchen, all conveniences.
Dec.25-2t

5TH AVE., 2133 (private house)—Large, small, warm front rooms, steam heat, water, electric, $5.50 and $6 weekly.
Dec.18-2t

5TH AVE., 2135 (private house)—Large, warm front rooms; steam heat, water, electric, $6.50 weekly, small rooms, $5.50 weekly.
Dec.18-2t

5TH AVE., 2450 (Apt. 36) (St. James Court; cor. 143d St.)—Neatly furnished room, near "L" subway; reasonable.
Dec.18-2t

5TH AVE., 2141 (Apt. 4)—Neatly furnished room; strictly private; elevator apt. Bradhurst 2477.
Dec.25-2t

7TH AVE., 1990 (Apt. 121, cor. 120th St.)—Beautiful, large, front room, strictly private, exceptionally clean, 2 windows facing 7th Ave.; plenty of steam, hot water, telephone, elevator; also a small room, all conveniences; respectable people. Riddick.
Dec.18-2t

7TH AVE., 2260 W. 124th St. Apt. 5)—Nicely furnished front, private home, electric, homelike, use of kitchen, close plates to do your Xmas cooking; couple only, call any time from 2 p. m. to 7 p. m. $6.50 per week; this room is overlooking 7th Ave.
Dec.18-2t

7TH AVE., 1864 (Apt. 35; cor. 113th St.; near Central Park)—Desirable location, room, $4.50, reasonable, refined, quiet home, ladies, reference required. Monument 8180. Brown.
Dec.18-2t

7TH AVE., 2412 (Apt. 44; 141st St.)—Room for rent. Elevator apt.
Dec.18-2t

7TH AVE., 1993 (Apt. 3)—Nice room to let, near or lady, $5.
Dec.25-2t

7TH AVE., 2423 (Apt. 15)—Beautiful furnished room with refined young couple, all improvements. Bradhurst 3025.
Dec.25-2t

7TH AVE. (Entrance, 200 West 124th St., 1 flight up)—Neatly furnished, 1 flight up, front, for couple, $7; small room for working girl, $4. Call afternoons; ring top bell.
Dec.25-2t

7TH AVE., 2268 (Apt. 2)—Large furnished room to let, strictly private, all conveniences, near subway.
Dec.18-2t

7TH AVE., 2412 (Apt. 62)—Neatly furnished rooms for strictly respectable people; rent reasonable; telephone; elevator service. Call Bradhurst 1472.
Dec.25-2t

7TH AVE., 1871 (Apt. 10)—Large and small, light rooms, exclusive neighborhood, private, telephone, elevator. Call all week.
Dec.18-2t

7TH AVE., 2412 (Apt. 67)—Neatly furnished room, all conveniences, reasonable; references.
Dec.18-2t

7TH AVE., 2026 (Apt. 11)—Large and small rooms, neatly furnished, all conveniences.
Dec.25-2t

7TH AVE., 2441 (Apt. 7)—Neat, comfortable room, all conveniences.
Dec.25-2t

7TH AVE., 1842—Furnished rooms; all improvements; phone service; conveniences to all cars; near 112th St.
Dec.18-2t

7TH AVE., 2026 (Apt. 10). (Between 121st and 122d Sts.)—Furnished room to let; conveniences; for refined people.
Dec.18-2t

7TH AVE., 2460 (Apt. 57)—Newly decorated, private room, nicely furnished; man or couple; elevator.
Dec.25-2t

7TH AVE., 2026 (Apt. 6), (bet. 121st and 122d Sts.)—Neatly furnished front room, all conveniences; plenty steam hot water.
Dec.18-2t

7TH AVE., 1949 (ground floor, south side)—Neatly furnished room; all strictly private. Mrs. Selby. University 3365; near 118th St.
Dec.18-2t

7TH AVE., 2135 (Apt. 4); also 211 W. 135th Street, Apt. 4—Furnished rooms, kitchenettes, singles.
Dec.18-2t

7TH AVE., 2460 (Apt. 7; near 143d St.)—Furnished rooms, strictly private; references; working man, price reasonable.
Dec.25-2t

7TH AVE., 1864 (Apt. 32)—Beautiful front room, with 3 windows, high class apartment, to business man, other lodgers kept. Monument 9810. Mrs. Terry.
Dec.18-2t
